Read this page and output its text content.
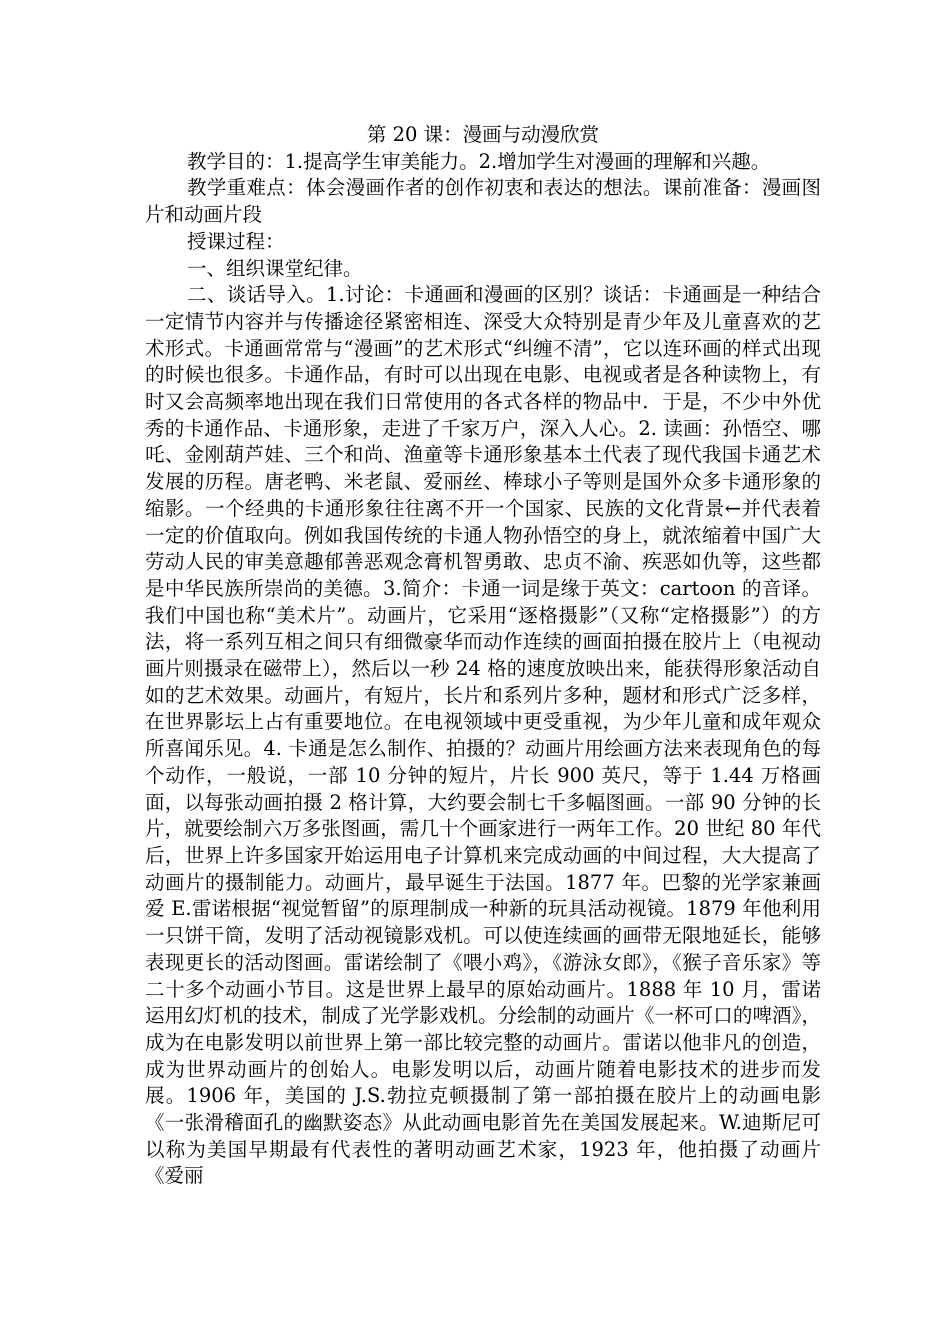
第 20 课：漫画与动漫欣赏

教学目的：1.提高学生审美能力。2.增加学生对漫画的理解和兴趣。

教学重难点：体会漫画作者的创作初衷和表达的想法。课前准备：漫画图片和动画片段

授课过程：

一、组织课堂纪律。

二、谈话导入。1.讨论：卡通画和漫画的区别？谈话：卡通画是一种结合一定情节内容并与传播途径紧密相连、深受大众特别是青少年及儿童喜欢的艺术形式。卡通画常常与“漫画”的艺术形式“纠缠不清”，它以连环画的样式出现的时候也很多。卡通作品，有时可以出现在电影、电视或者是各种读物上，有时又会高频率地出现在我们日常使用的各式各样的物品中．于是，不少中外优秀的卡通作品、卡通形象，走进了千家万户，深入人心。2. 读画：孙悟空、哪吒、金刚葫芦娃、三个和尚、渔童等卡通形象基本土代表了现代我国卡通艺术发展的历程。唐老鸭、米老鼠、爱丽丝、棒球小子等则是国外众多卡通形象的缩影。一个经典的卡通形象往往离不开一个国家、民族的文化背景←并代表着一定的价值取向。例如我国传统的卡通人物孙悟空的身上，就浓缩着中国广大劳动人民的审美意趣郁善恶观念膏机智勇敢、忠贞不渝、疾恶如仇等，这些都是中华民族所崇尚的美德。3.简介：卡通一词是缘于英文：cartoon 的音译。我们中国也称“美术片”。动画片，它采用“逐格摄影”（又称“定格摄影”）的方法，将一系列互相之间只有细微豪华而动作连续的画面拍摄在胶片上（电视动画片则摄录在磁带上），然后以一秒 24 格的速度放映出来，能获得形象活动自如的艺术效果。动画片，有短片，长片和系列片多种，题材和形式广泛多样，在世界影坛上占有重要地位。在电视领域中更受重视，为少年儿童和成年观众所喜闻乐见。4. 卡通是怎么制作、拍摄的？动画片用绘画方法来表现角色的每个动作，一般说，一部 10 分钟的短片，片长 900 英尺，等于 1.44 万格画面，以每张动画拍摄 2 格计算，大约要会制七千多幅图画。一部 90 分钟的长片，就要绘制六万多张图画，需几十个画家进行一两年工作。20 世纪 80 年代后，世界上许多国家开始运用电子计算机来完成动画的中间过程，大大提高了动画片的摄制能力。动画片，最早诞生于法国。1877 年。巴黎的光学家兼画爱 E.雷诺根据“视觉暂留”的原理制成一种新的玩具活动视镜。1879 年他利用一只饼干筒，发明了活动视镜影戏机。可以使连续画的画带无限地延长，能够表现更长的活动图画。雷诺绘制了《喂小鸡》，《游泳女郎》，《猴子音乐家》等二十多个动画小节目。这是世界上最早的原始动画片。1888 年 10 月，雷诺运用幻灯机的技术，制成了光学影戏机。分绘制的动画片《一杯可口的啤酒》，成为在电影发明以前世界上第一部比较完整的动画片。雷诺以他非凡的创造，成为世界动画片的创始人。电影发明以后，动画片随着电影技术的进步而发展。1906 年，美国的 J.S.勃拉克顿摄制了第一部拍摄在胶片上的动画电影《一张滑稽面孔的幽默姿态》从此动画电影首先在美国发展起来。W.迪斯尼可以称为美国早期最有代表性的著明动画艺术家，1923 年，他拍摄了动画片《爱丽
